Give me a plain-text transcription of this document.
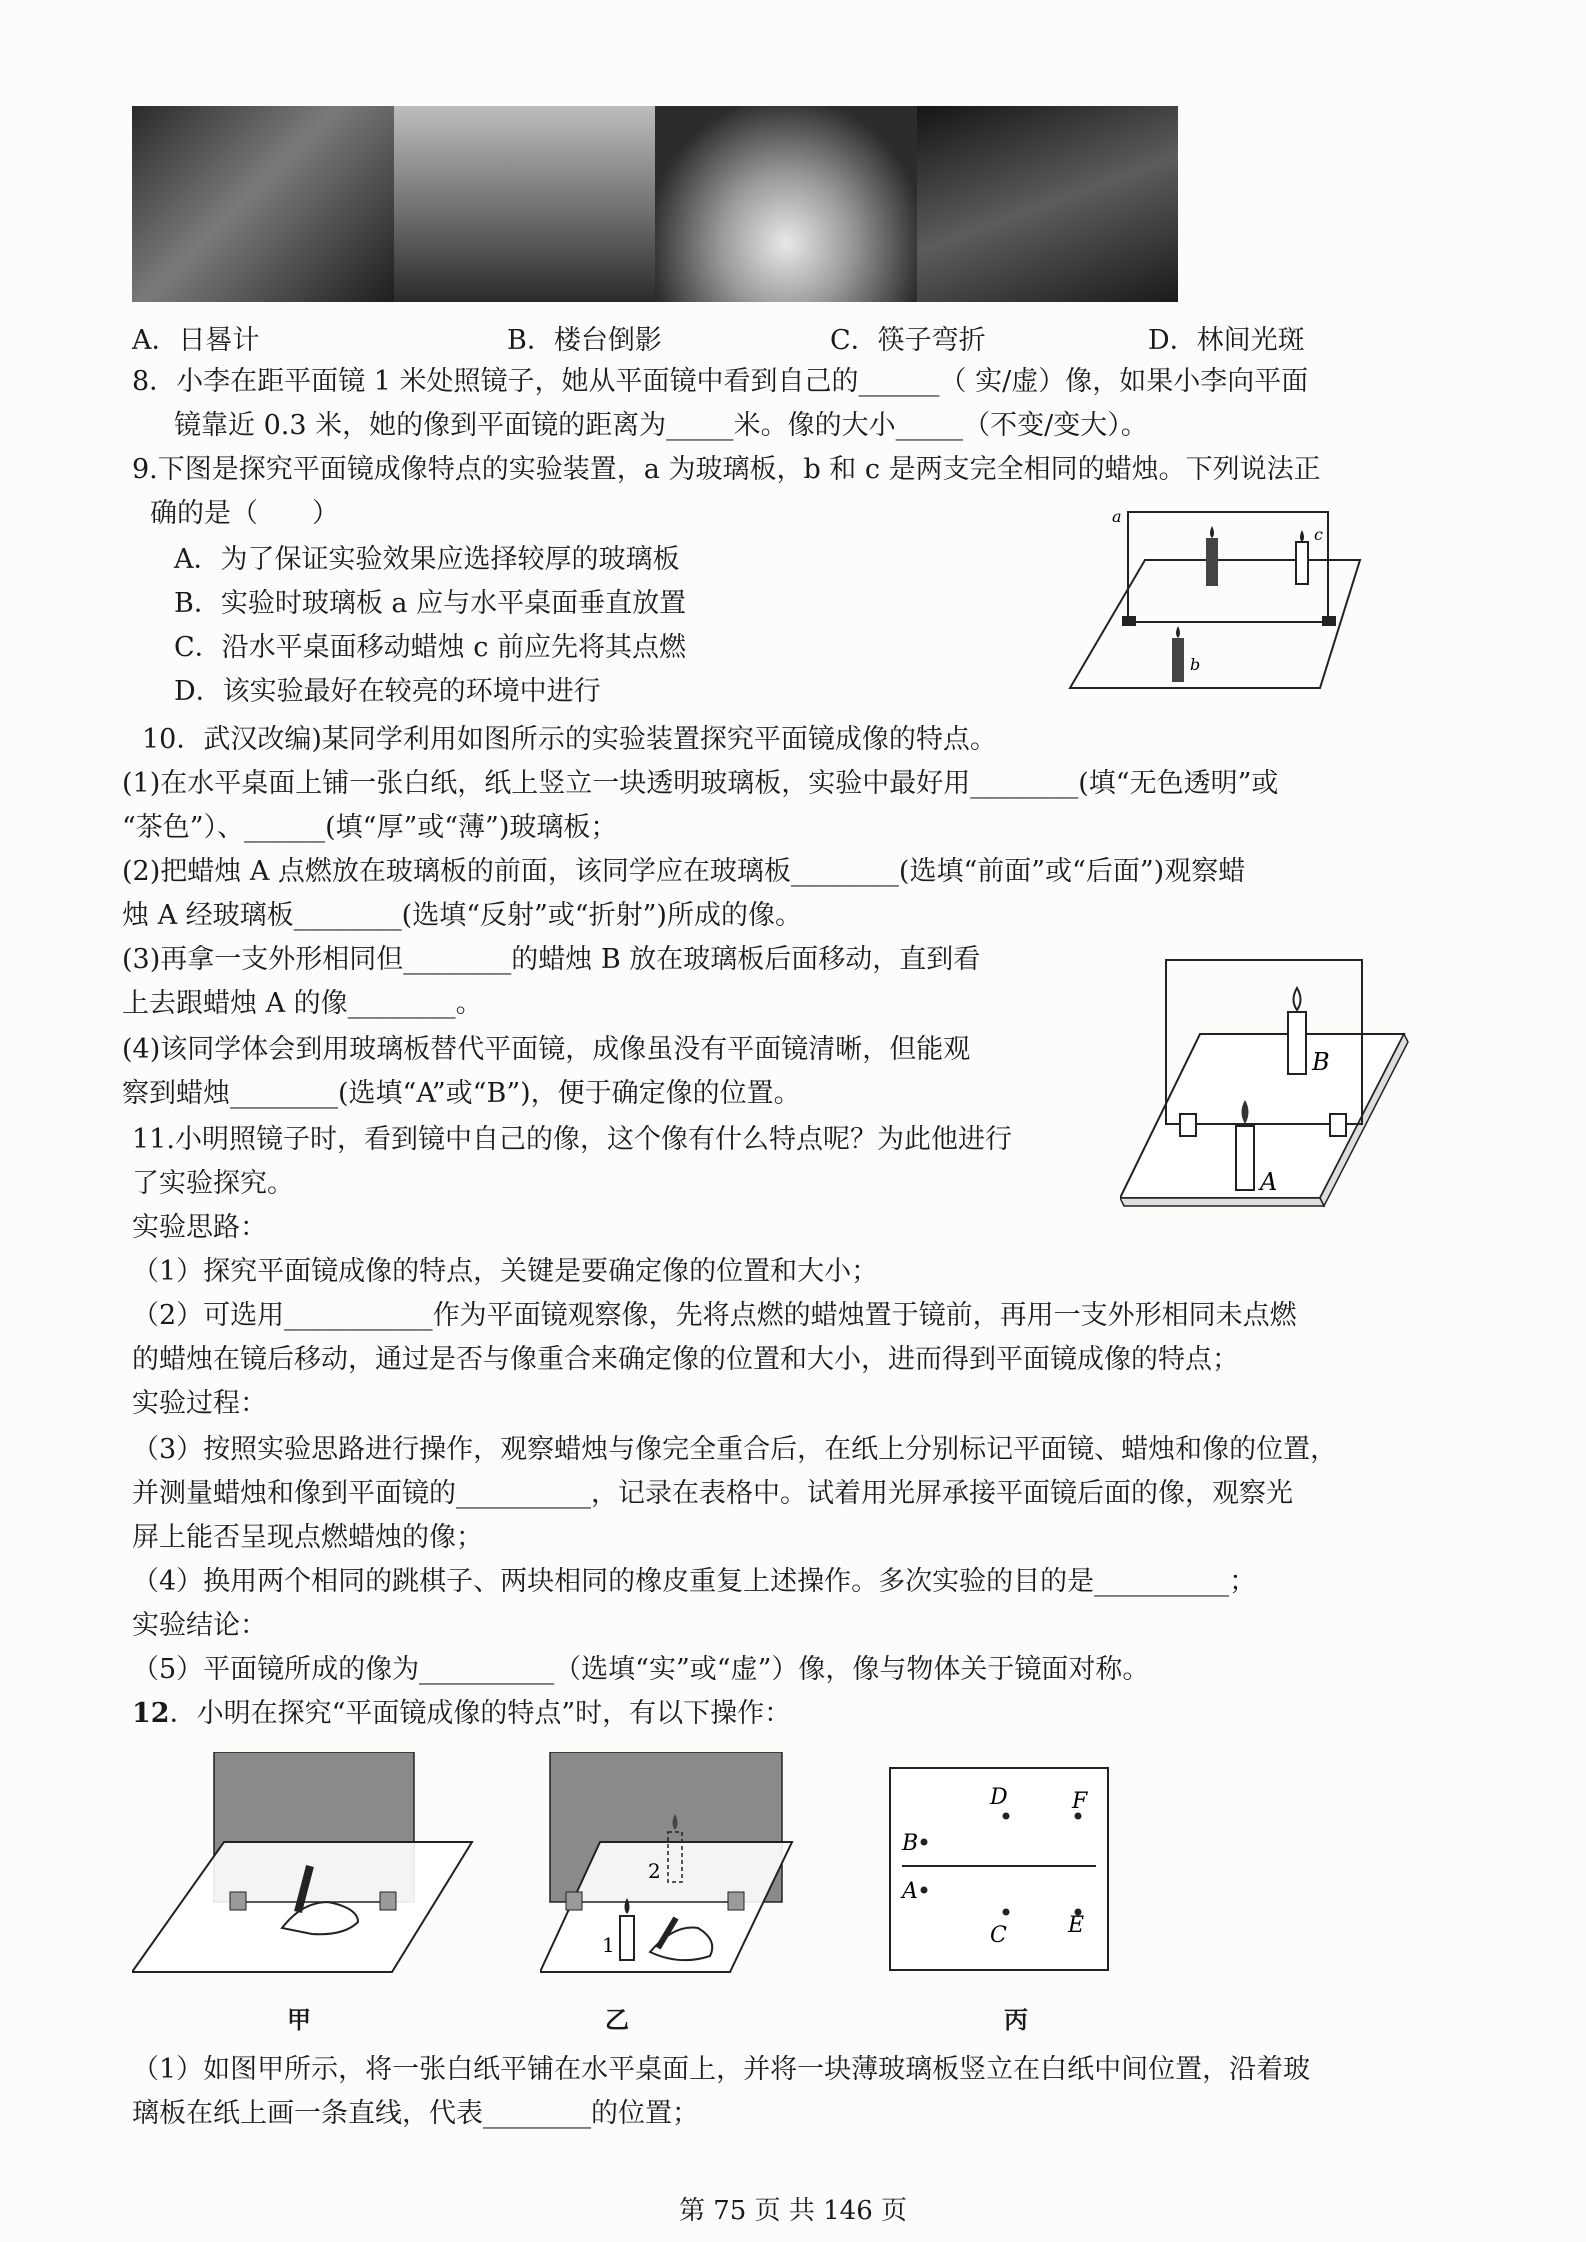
A．日晷计	B．楼台倒影	C．筷子弯折	D．林间光斑
8．小李在距平面镜 1 米处照镜子，她从平面镜中看到自己的______（ 实/虚）像，如果小李向平面
镜靠近 0.3 米，她的像到平面镜的距离为_____米。像的大小_____（不变/变大）。
9.下图是探究平面镜成像特点的实验装置，a 为玻璃板，b 和 c 是两支完全相同的蜡烛。下列说法正
确的是（　　）
A．为了保证实验效果应选择较厚的玻璃板
B．实验时玻璃板 a 应与水平桌面垂直放置
C．沿水平桌面移动蜡烛 c 前应先将其点燃
D．该实验最好在较亮的环境中进行
a
c
b
10．武汉改编)某同学利用如图所示的实验装置探究平面镜成像的特点。
(1)在水平桌面上铺一张白纸，纸上竖立一块透明玻璃板，实验中最好用________(填“无色透明”或
“茶色”）、______(填“厚”或“薄”)玻璃板；
(2)把蜡烛 A 点燃放在玻璃板的前面，该同学应在玻璃板________(选填“前面”或“后面”)观察蜡
烛 A 经玻璃板________(选填“反射”或“折射”)所成的像。
(3)再拿一支外形相同但________的蜡烛 B 放在玻璃板后面移动，直到看
上去跟蜡烛 A 的像________。
(4)该同学体会到用玻璃板替代平面镜，成像虽没有平面镜清晰，但能观
察到蜡烛________(选填“A”或“B”)，便于确定像的位置。
B
A
11.小明照镜子时，看到镜中自己的像，这个像有什么特点呢？为此他进行
了实验探究。
实验思路：
（1）探究平面镜成像的特点，关键是要确定像的位置和大小；
（2）可选用___________作为平面镜观察像，先将点燃的蜡烛置于镜前，再用一支外形相同未点燃
的蜡烛在镜后移动，通过是否与像重合来确定像的位置和大小，进而得到平面镜成像的特点；
实验过程：
（3）按照实验思路进行操作，观察蜡烛与像完全重合后，在纸上分别标记平面镜、蜡烛和像的位置，
并测量蜡烛和像到平面镜的__________，记录在表格中。试着用光屏承接平面镜后面的像，观察光
屏上能否呈现点燃蜡烛的像；
（4）换用两个相同的跳棋子、两块相同的橡皮重复上述操作。多次实验的目的是__________；
实验结论：
（5）平面镜所成的像为__________（选填“实”或“虚”）像，像与物体关于镜面对称。
12．小明在探究“平面镜成像的特点”时，有以下操作：
甲
1
2
乙
B
A
D
C
F
E
丙
（1）如图甲所示，将一张白纸平铺在水平桌面上，并将一块薄玻璃板竖立在白纸中间位置，沿着玻
璃板在纸上画一条直线，代表________的位置；
第 75 页 共 146 页
